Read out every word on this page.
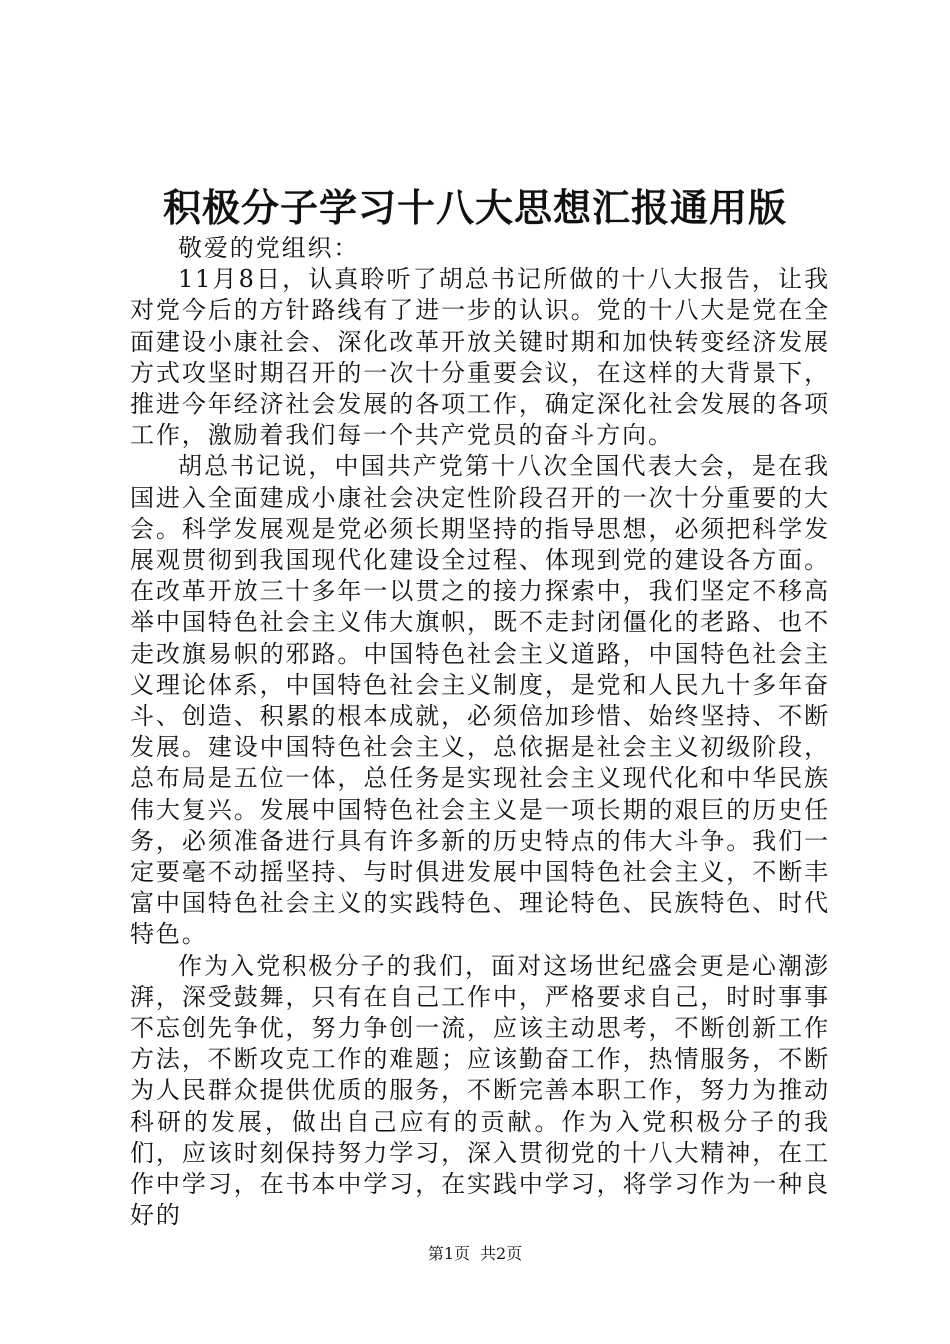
积极分子学习十八大思想汇报通用版

敬爱的党组织：

11月8日，认真聆听了胡总书记所做的十八大报告，让我对党今后的方针路线有了进一步的认识。党的十八大是党在全面建设小康社会、深化改革开放关键时期和加快转变经济发展方式攻坚时期召开的一次十分重要会议，在这样的大背景下，推进今年经济社会发展的各项工作，确定深化社会发展的各项工作，激励着我们每一个共产党员的奋斗方向。

胡总书记说，中国共产党第十八次全国代表大会，是在我国进入全面建成小康社会决定性阶段召开的一次十分重要的大会。科学发展观是党必须长期坚持的指导思想，必须把科学发展观贯彻到我国现代化建设全过程、体现到党的建设各方面。在改革开放三十多年一以贯之的接力探索中，我们坚定不移高举中国特色社会主义伟大旗帜，既不走封闭僵化的老路、也不走改旗易帜的邪路。中国特色社会主义道路，中国特色社会主义理论体系，中国特色社会主义制度，是党和人民九十多年奋斗、创造、积累的根本成就，必须倍加珍惜、始终坚持、不断发展。建设中国特色社会主义，总依据是社会主义初级阶段，总布局是五位一体，总任务是实现社会主义现代化和中华民族伟大复兴。发展中国特色社会主义是一项长期的艰巨的历史任务，必须准备进行具有许多新的历史特点的伟大斗争。我们一定要毫不动摇坚持、与时俱进发展中国特色社会主义，不断丰富中国特色社会主义的实践特色、理论特色、民族特色、时代特色。

作为入党积极分子的我们，面对这场世纪盛会更是心潮澎湃，深受鼓舞，只有在自己工作中，严格要求自己，时时事事不忘创先争优，努力争创一流，应该主动思考，不断创新工作方法，不断攻克工作的难题；应该勤奋工作，热情服务，不断为人民群众提供优质的服务，不断完善本职工作，努力为推动科研的发展，做出自己应有的贡献。作为入党积极分子的我们，应该时刻保持努力学习，深入贯彻党的十八大精神，在工作中学习，在书本中学习，在实践中学习，将学习作为一种良好的

第1页 共2页
